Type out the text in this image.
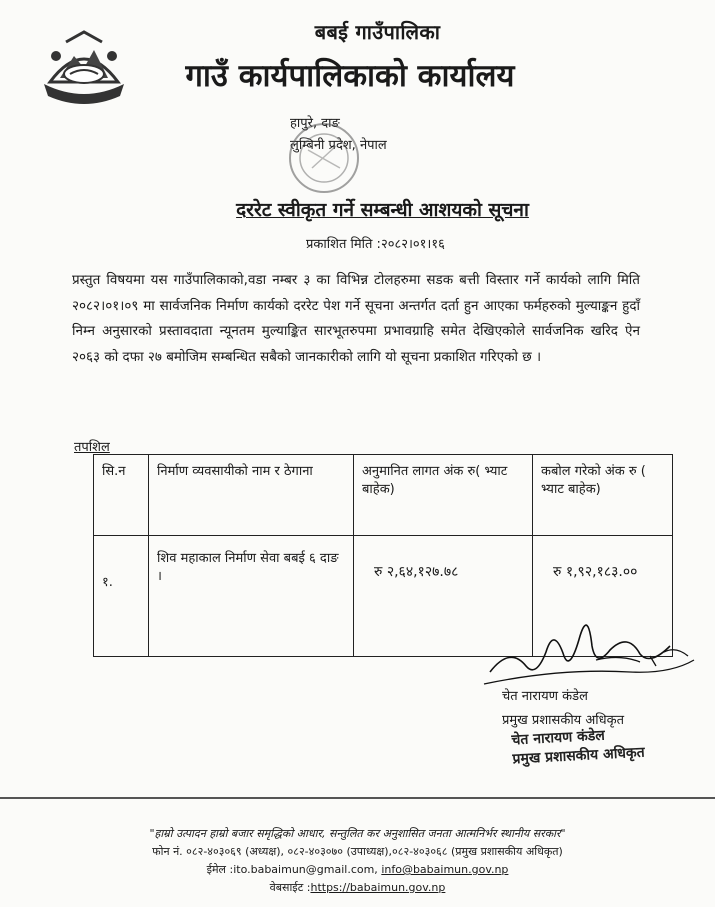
बबई गाउँपालिका
गाउँ कार्यपालिकाको कार्यालय
हापुरे, दाङ
लुम्बिनी प्रदेश, नेपाल
दररेट स्वीकृत गर्ने सम्बन्धी आशयको सूचना
प्रकाशित मिति :२०८२।०१।१६
प्रस्तुत विषयमा यस गाउँपालिकाको,वडा नम्बर ३ का विभिन्न टोलहरुमा सडक बत्ती विस्तार गर्ने कार्यको लागि मिति २०८२।०१।०९ मा सार्वजनिक निर्माण कार्यको दररेट पेश गर्ने सूचना अन्तर्गत दर्ता हुन आएका फर्महरुको मुल्याङ्कन हुदाँ निम्न अनुसारको प्रस्तावदाता न्यूनतम मुल्याङ्कित सारभूतरुपमा प्रभावग्राहि समेत देखिएकोले सार्वजनिक खरिद ऐन २०६३ को दफा २७ बमोजिम सम्बन्धित सबैको जानकारीको लागि यो सूचना प्रकाशित गरिएको छ ।
तपशिल
सि.न	निर्माण व्यवसायीको नाम र ठेगाना	अनुमानित लागत अंक रु( भ्याट बाहेक)	कबोल गरेको अंक रु ( भ्याट बाहेक)
१.	शिव महाकाल निर्माण सेवा बबई ६ दाङ ।	रु २,६४,१२७.७८	रु १,९२,१८३.००
चेत नारायण कंडेल
प्रमुख प्रशासकीय अधिकृत
चेत नारायण कंडेल
प्रमुख प्रशासकीय अधिकृत
"हाम्रो उत्पादन हाम्रो बजार समृद्धिको आधार, सन्तुलित कर अनुशासित जनता आत्मनिर्भर स्थानीय सरकार"
फोन नं. ०८२-४०३०६९ (अध्यक्ष), ०८२-४०३०७० (उपाध्यक्ष),०८२-४०३०६८ (प्रमुख प्रशासकीय अधिकृत)
ईमेल :ito.babaimun@gmail.com, info@babaimun.gov.np
वेबसाईट :https://babaimun.gov.np
